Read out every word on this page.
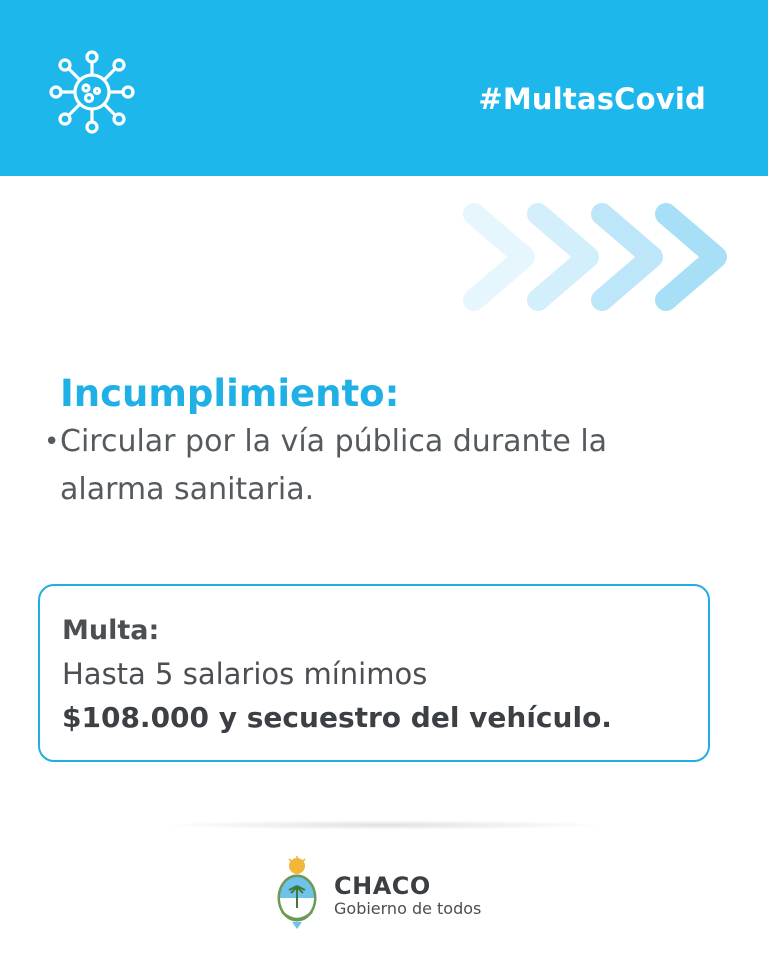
#MultasCovid
Incumplimiento:
• Circular por la vía pública durante la alarma sanitaria.
Multa:
Hasta 5 salarios mínimos
$108.000 y secuestro del vehículo.
CHACO
Gobierno de todos
